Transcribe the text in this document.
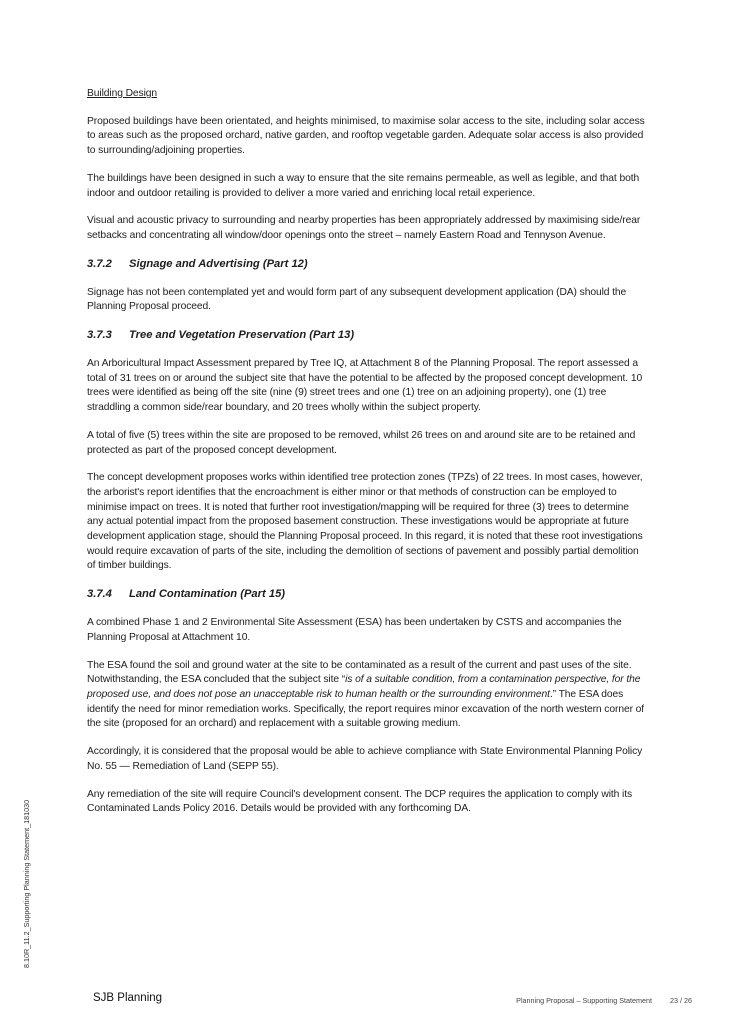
Building Design

Proposed buildings have been orientated, and heights minimised, to maximise solar access to the site, including solar access to areas such as the proposed orchard, native garden, and rooftop vegetable garden. Adequate solar access is also provided to surrounding/adjoining properties.

The buildings have been designed in such a way to ensure that the site remains permeable, as well as legible, and that both indoor and outdoor retailing is provided to deliver a more varied and enriching local retail experience.

Visual and acoustic privacy to surrounding and nearby properties has been appropriately addressed by maximising side/rear setbacks and concentrating all window/door openings onto the street – namely Eastern Road and Tennyson Avenue.

3.7.2	Signage and Advertising (Part 12)

Signage has not been contemplated yet and would form part of any subsequent development application (DA) should the Planning Proposal proceed.

3.7.3	Tree and Vegetation Preservation (Part 13)

An Arboricultural Impact Assessment prepared by Tree IQ, at Attachment 8 of the Planning Proposal. The report assessed a total of 31 trees on or around the subject site that have the potential to be affected by the proposed concept development. 10 trees were identified as being off the site (nine (9) street trees and one (1) tree on an adjoining property), one (1) tree straddling a common side/rear boundary, and 20 trees wholly within the subject property.

A total of five (5) trees within the site are proposed to be removed, whilst 26 trees on and around site are to be retained and protected as part of the proposed concept development.

The concept development proposes works within identified tree protection zones (TPZs) of 22 trees. In most cases, however, the arborist's report identifies that the encroachment is either minor or that methods of construction can be employed to minimise impact on trees. It is noted that further root investigation/mapping will be required for three (3) trees to determine any actual potential impact from the proposed basement construction. These investigations would be appropriate at future development application stage, should the Planning Proposal proceed. In this regard, it is noted that these root investigations would require excavation of parts of the site, including the demolition of sections of pavement and possibly partial demolition of timber buildings.

3.7.4	Land Contamination (Part 15)

A combined Phase 1 and 2 Environmental Site Assessment (ESA) has been undertaken by CSTS and accompanies the Planning Proposal at Attachment 10.

The ESA found the soil and ground water at the site to be contaminated as a result of the current and past uses of the site. Notwithstanding, the ESA concluded that the subject site “is of a suitable condition, from a contamination perspective, for the proposed use, and does not pose an unacceptable risk to human health or the surrounding environment.” The ESA does identify the need for minor remediation works. Specifically, the report requires minor excavation of the north western corner of the site (proposed for an orchard) and replacement with a suitable growing medium.

Accordingly, it is considered that the proposal would be able to achieve compliance with State Environmental Planning Policy No. 55 — Remediation of Land (SEPP 55).

Any remediation of the site will require Council's development consent. The DCP requires the application to comply with its Contaminated Lands Policy 2016. Details would be provided with any forthcoming DA.

8.10R_11.2_Supporting Planning Statement_181030
SJB Planning	Planning Proposal – Supporting Statement	23 / 26
